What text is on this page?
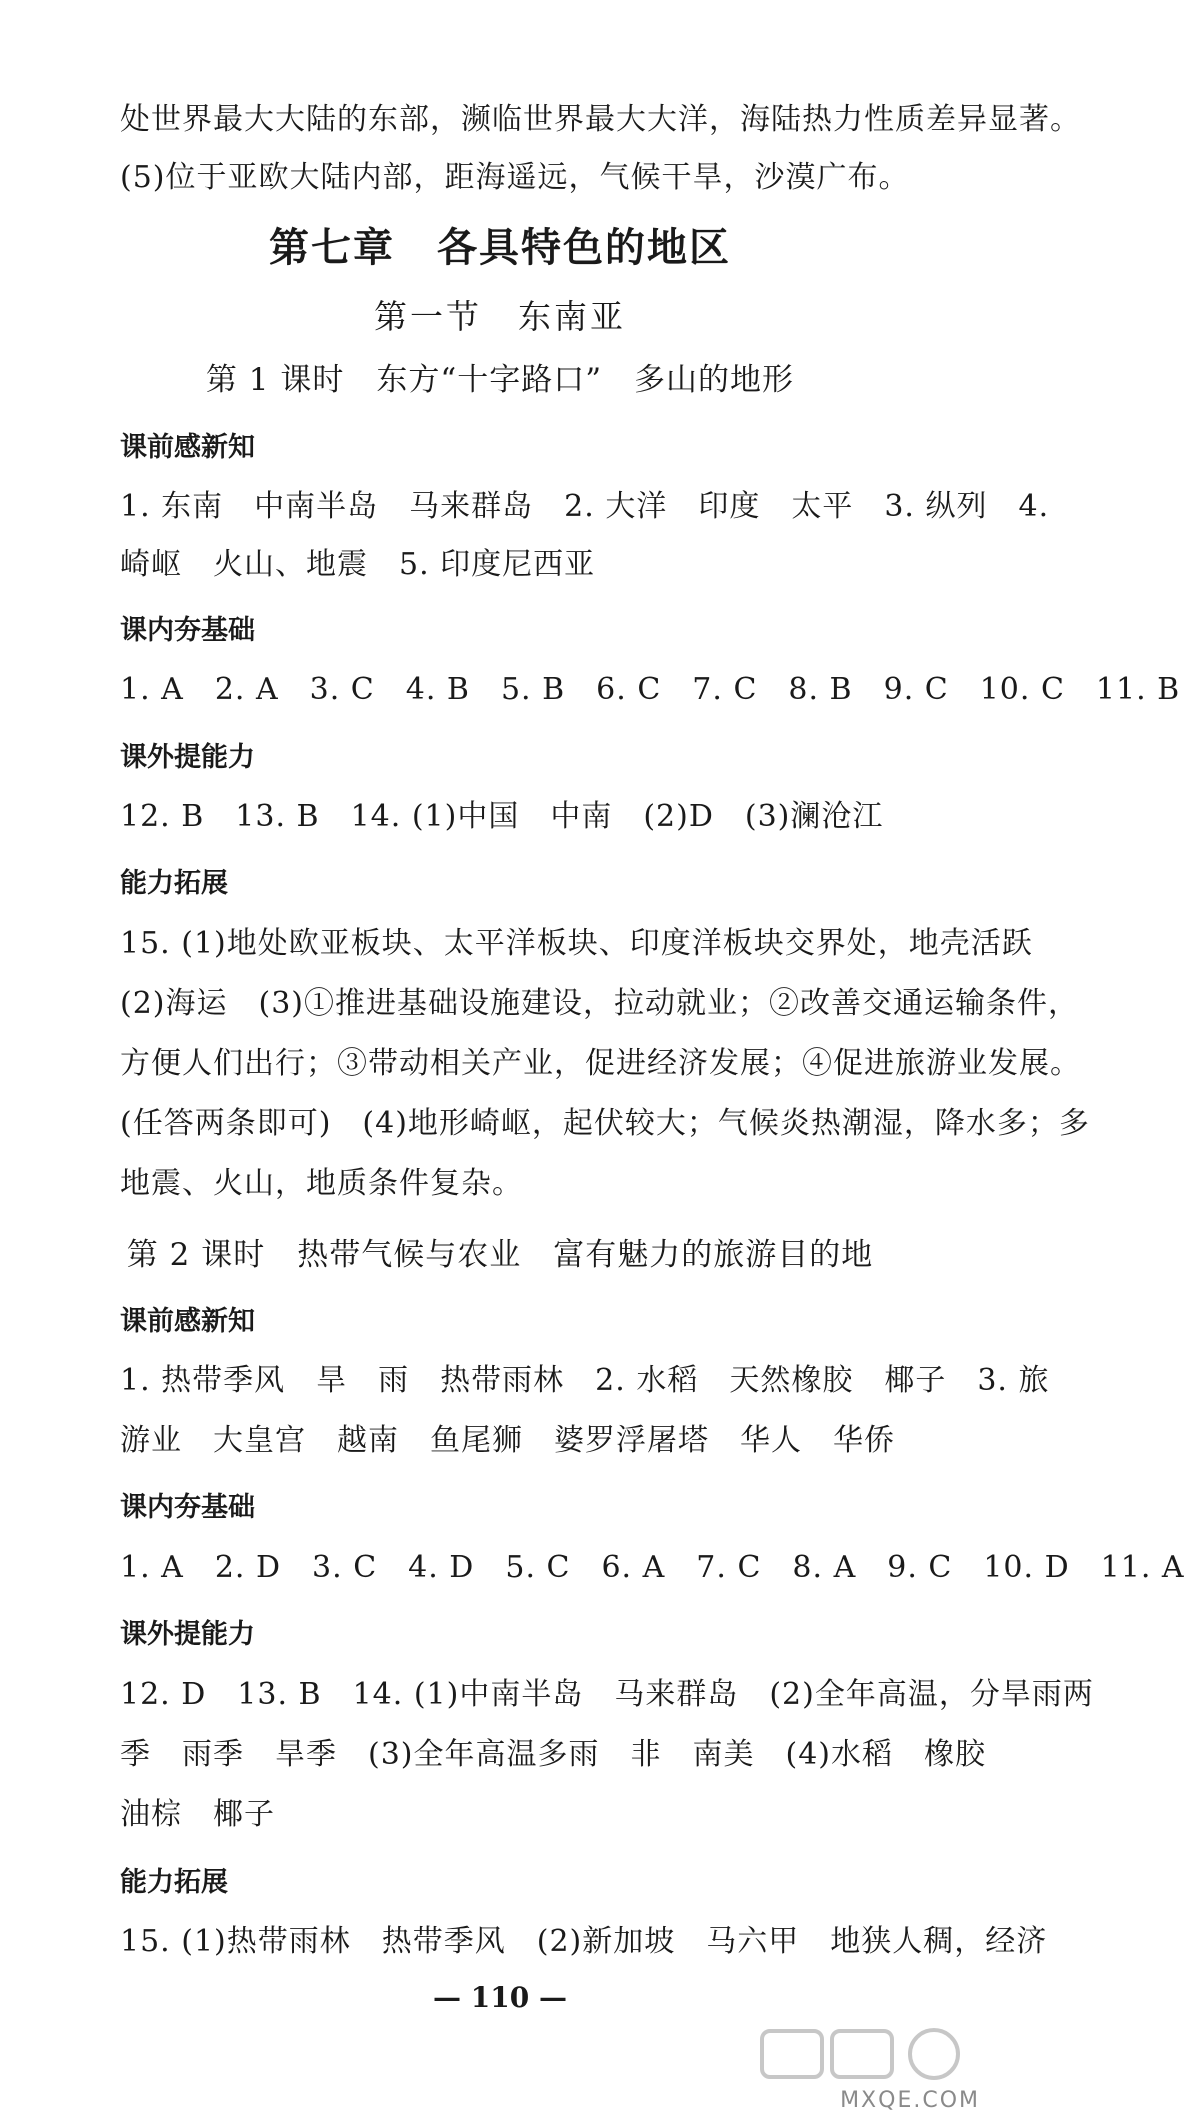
处世界最大大陆的东部，濒临世界最大大洋，海陆热力性质差异显著。
(5)位于亚欧大陆内部，距海遥远，气候干旱，沙漠广布。
第七章　各具特色的地区
第一节　东南亚
第 1 课时　东方“十字路口”　多山的地形
课前感新知
1. 东南　中南半岛　马来群岛　2. 大洋　印度　太平　3. 纵列　4.
崎岖　火山、地震　5. 印度尼西亚
课内夯基础
1. A　2. A　3. C　4. B　5. B　6. C　7. C　8. B　9. C　10. C　11. B
课外提能力
12. B　13. B　14. (1)中国　中南　(2)D　(3)澜沧江
能力拓展
15. (1)地处欧亚板块、太平洋板块、印度洋板块交界处，地壳活跃
(2)海运　(3)①推进基础设施建设，拉动就业；②改善交通运输条件，
方便人们出行；③带动相关产业，促进经济发展；④促进旅游业发展。
(任答两条即可)　(4)地形崎岖，起伏较大；气候炎热潮湿，降水多；多
地震、火山，地质条件复杂。
第 2 课时　热带气候与农业　富有魅力的旅游目的地
课前感新知
1. 热带季风　旱　雨　热带雨林　2. 水稻　天然橡胶　椰子　3. 旅
游业　大皇宫　越南　鱼尾狮　婆罗浮屠塔　华人　华侨
课内夯基础
1. A　2. D　3. C　4. D　5. C　6. A　7. C　8. A　9. C　10. D　11. A
课外提能力
12. D　13. B　14. (1)中南半岛　马来群岛　(2)全年高温，分旱雨两
季　雨季　旱季　(3)全年高温多雨　非　南美　(4)水稻　橡胶
油棕　椰子
能力拓展
15. (1)热带雨林　热带季风　(2)新加坡　马六甲　地狭人稠，经济
— 110 —
MXQE.COM
